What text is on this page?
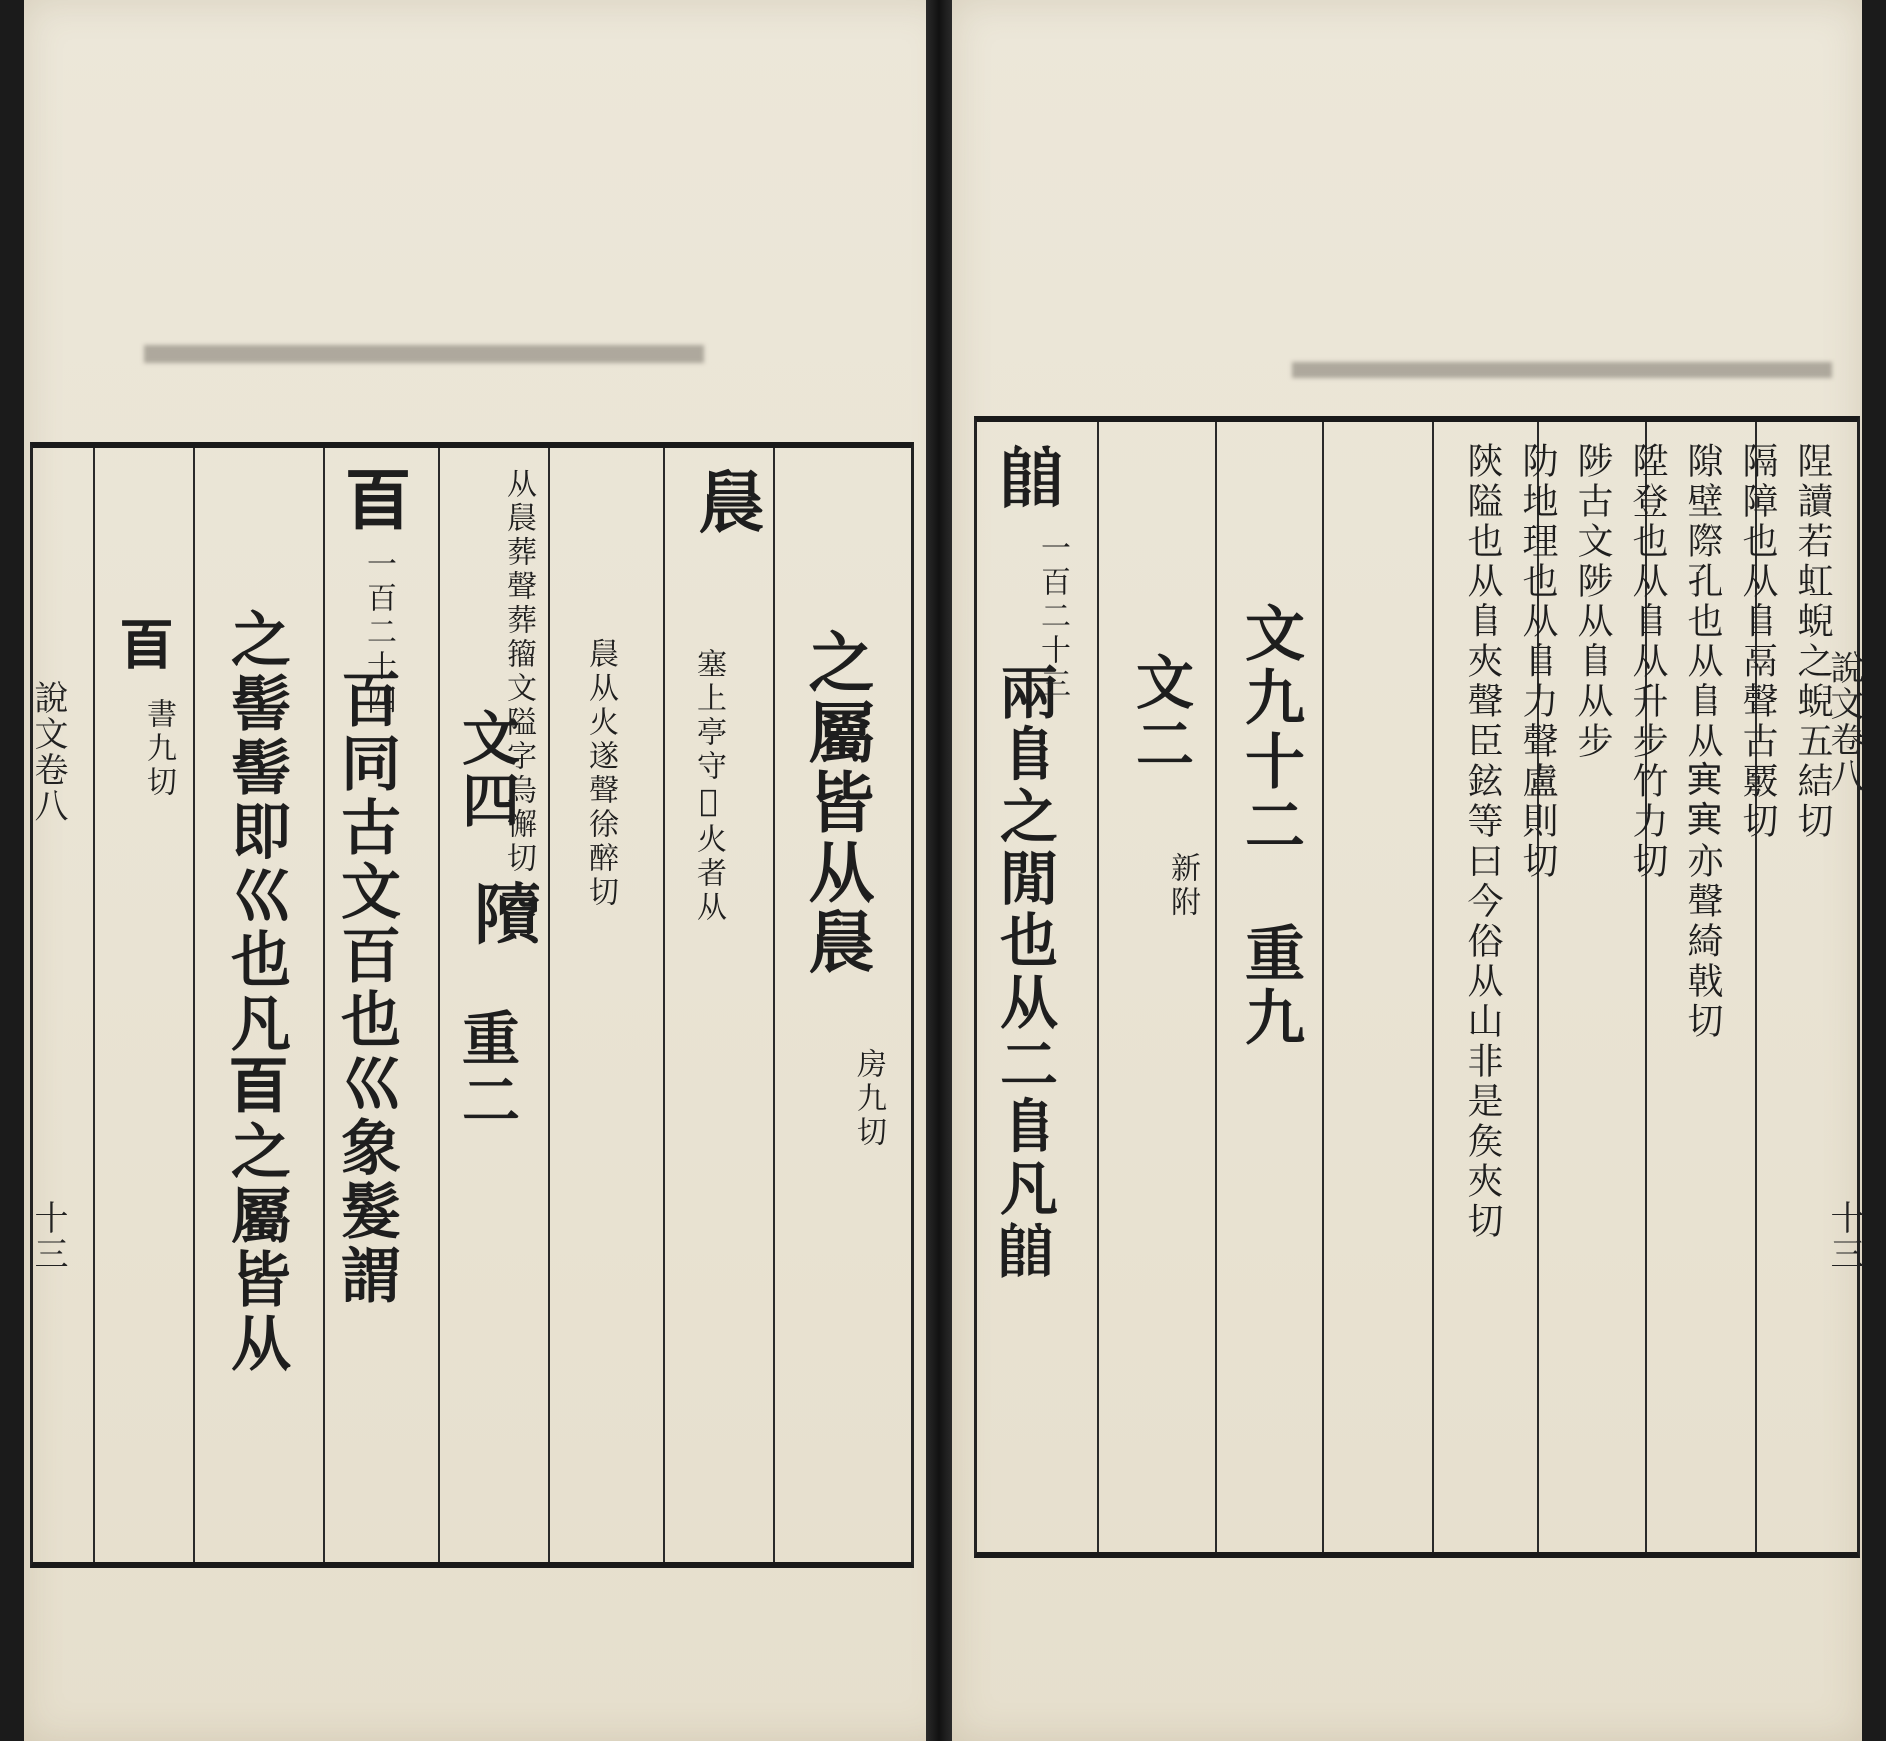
之屬皆从䢅
房九切
䢅
塞上亭守𤆗火者从
䢅从火遂聲徐醉切
𨽍
从䢅葬聲葬籀文隘字烏懈切
文四
重二
𦣻
一百二十四
百同古文百也巛象髮謂
之髻髻即巛也凡𦣻之屬皆从
𦣻
書九切
說文卷八
十三
陧讀若虹蜺之蜺五結切
隔障也从𨸏鬲聲古覈切
隙壁際孔也从𨸏从𡨄𡨄亦聲綺戟切
陞登也从𨸏从升步竹力切
陟古文陟从𨸏从步
阞地理也从𨸏力聲盧則切
陝隘也从𨸏夾聲臣鉉等曰今俗从山非是矦夾切
文九十二
重九
文二
新附
𨺅
一百二十三
兩𨸏之閒也从二𨸏凡𨺅	說文卷八
十三
